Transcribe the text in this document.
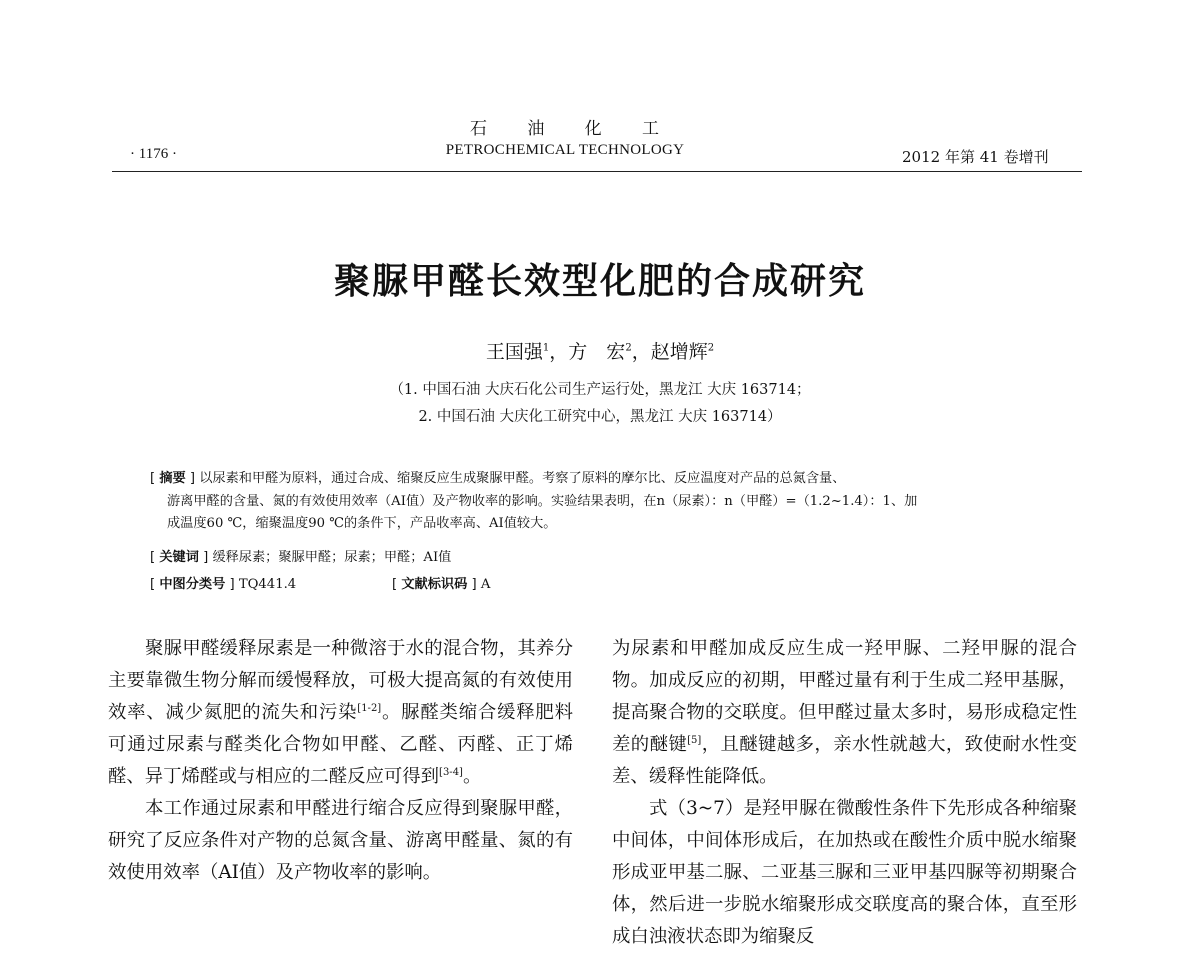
石 油 化 工
PETROCHEMICAL TECHNOLOGY
· 1176 ·	2012 年第 41 卷增刊
聚脲甲醛长效型化肥的合成研究
王国强$^1$，方　宏$^2$，赵增辉$^2$
（1. 中国石油 大庆石化公司生产运行处，黑龙江 大庆 163714；
2. 中国石油 大庆化工研究中心，黑龙江 大庆 163714）
[ 摘要 ] 以尿素和甲醛为原料，通过合成、缩聚反应生成聚脲甲醛。考察了原料的摩尔比、反应温度对产品的总氮含量、
游离甲醛的含量、氮的有效使用效率（AI值）及产物收率的影响。实验结果表明，在n（尿素）：n（甲醛）=（1.2~1.4）：1、加
成温度60 ℃，缩聚温度90 ℃的条件下，产品收率高、AI值较大。
[ 关键词 ] 缓释尿素；聚脲甲醛；尿素；甲醛；AI值
[ 中图分类号 ] TQ441.4	[ 文献标识码 ] A

聚脲甲醛缓释尿素是一种微溶于水的混合物，其养分主要靠微生物分解而缓慢释放，可极大提高氮的有效使用效率、减少氮肥的流失和污染[1-2]。脲醛类缩合缓释肥料可通过尿素与醛类化合物如甲醛、乙醛、丙醛、正丁烯醛、异丁烯醛或与相应的二醛反应可得到[3-4]。

本工作通过尿素和甲醛进行缩合反应得到聚脲甲醛，研究了反应条件对产物的总氮含量、游离甲醛量、氮的有效使用效率（AI值）及产物收率的影响。

为尿素和甲醛加成反应生成一羟甲脲、二羟甲脲的混合物。加成反应的初期，甲醛过量有利于生成二羟甲基脲，提高聚合物的交联度。但甲醛过量太多时，易形成稳定性差的醚键[5]，且醚键越多，亲水性就越大，致使耐水性变差、缓释性能降低。

式（3~7）是羟甲脲在微酸性条件下先形成各种缩聚中间体，中间体形成后，在加热或在酸性介质中脱水缩聚形成亚甲基二脲、二亚基三脲和三亚甲基四脲等初期聚合体，然后进一步脱水缩聚形成交联度高的聚合体，直至形成白浊液状态即为缩聚反
